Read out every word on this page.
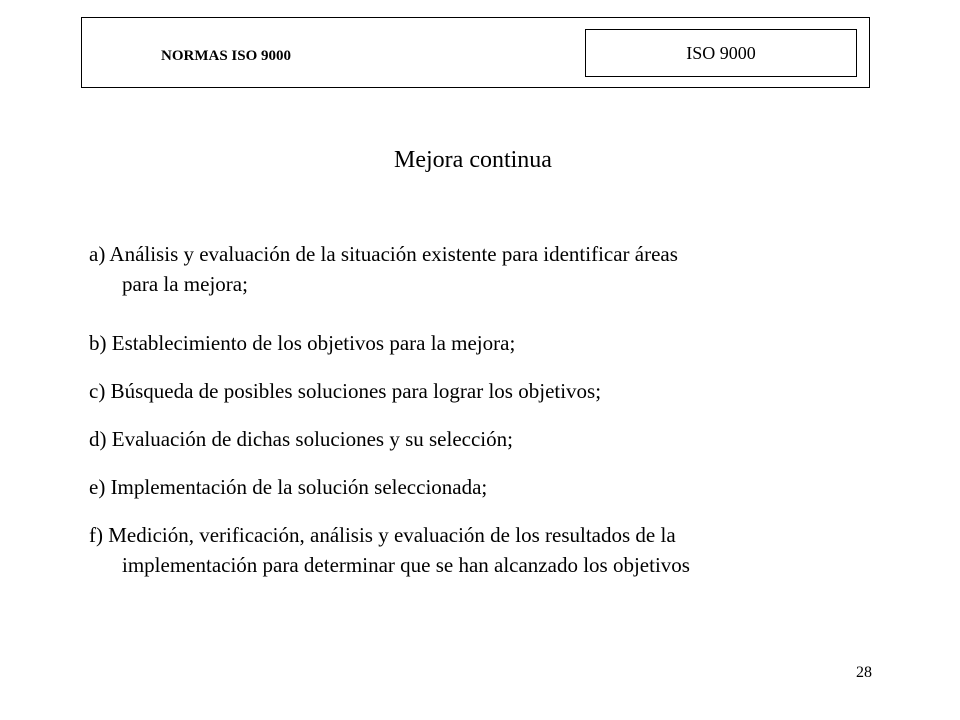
NORMAS ISO 9000	ISO 9000
Mejora continua
a) Análisis y evaluación de la situación existente para identificar áreas
para la mejora;
b) Establecimiento de los objetivos para la mejora;
c) Búsqueda de posibles soluciones para lograr los objetivos;
d) Evaluación de dichas soluciones y su selección;
e) Implementación de la solución seleccionada;
f) Medición, verificación, análisis y evaluación de los resultados de la
implementación para determinar que se han alcanzado los objetivos
28
